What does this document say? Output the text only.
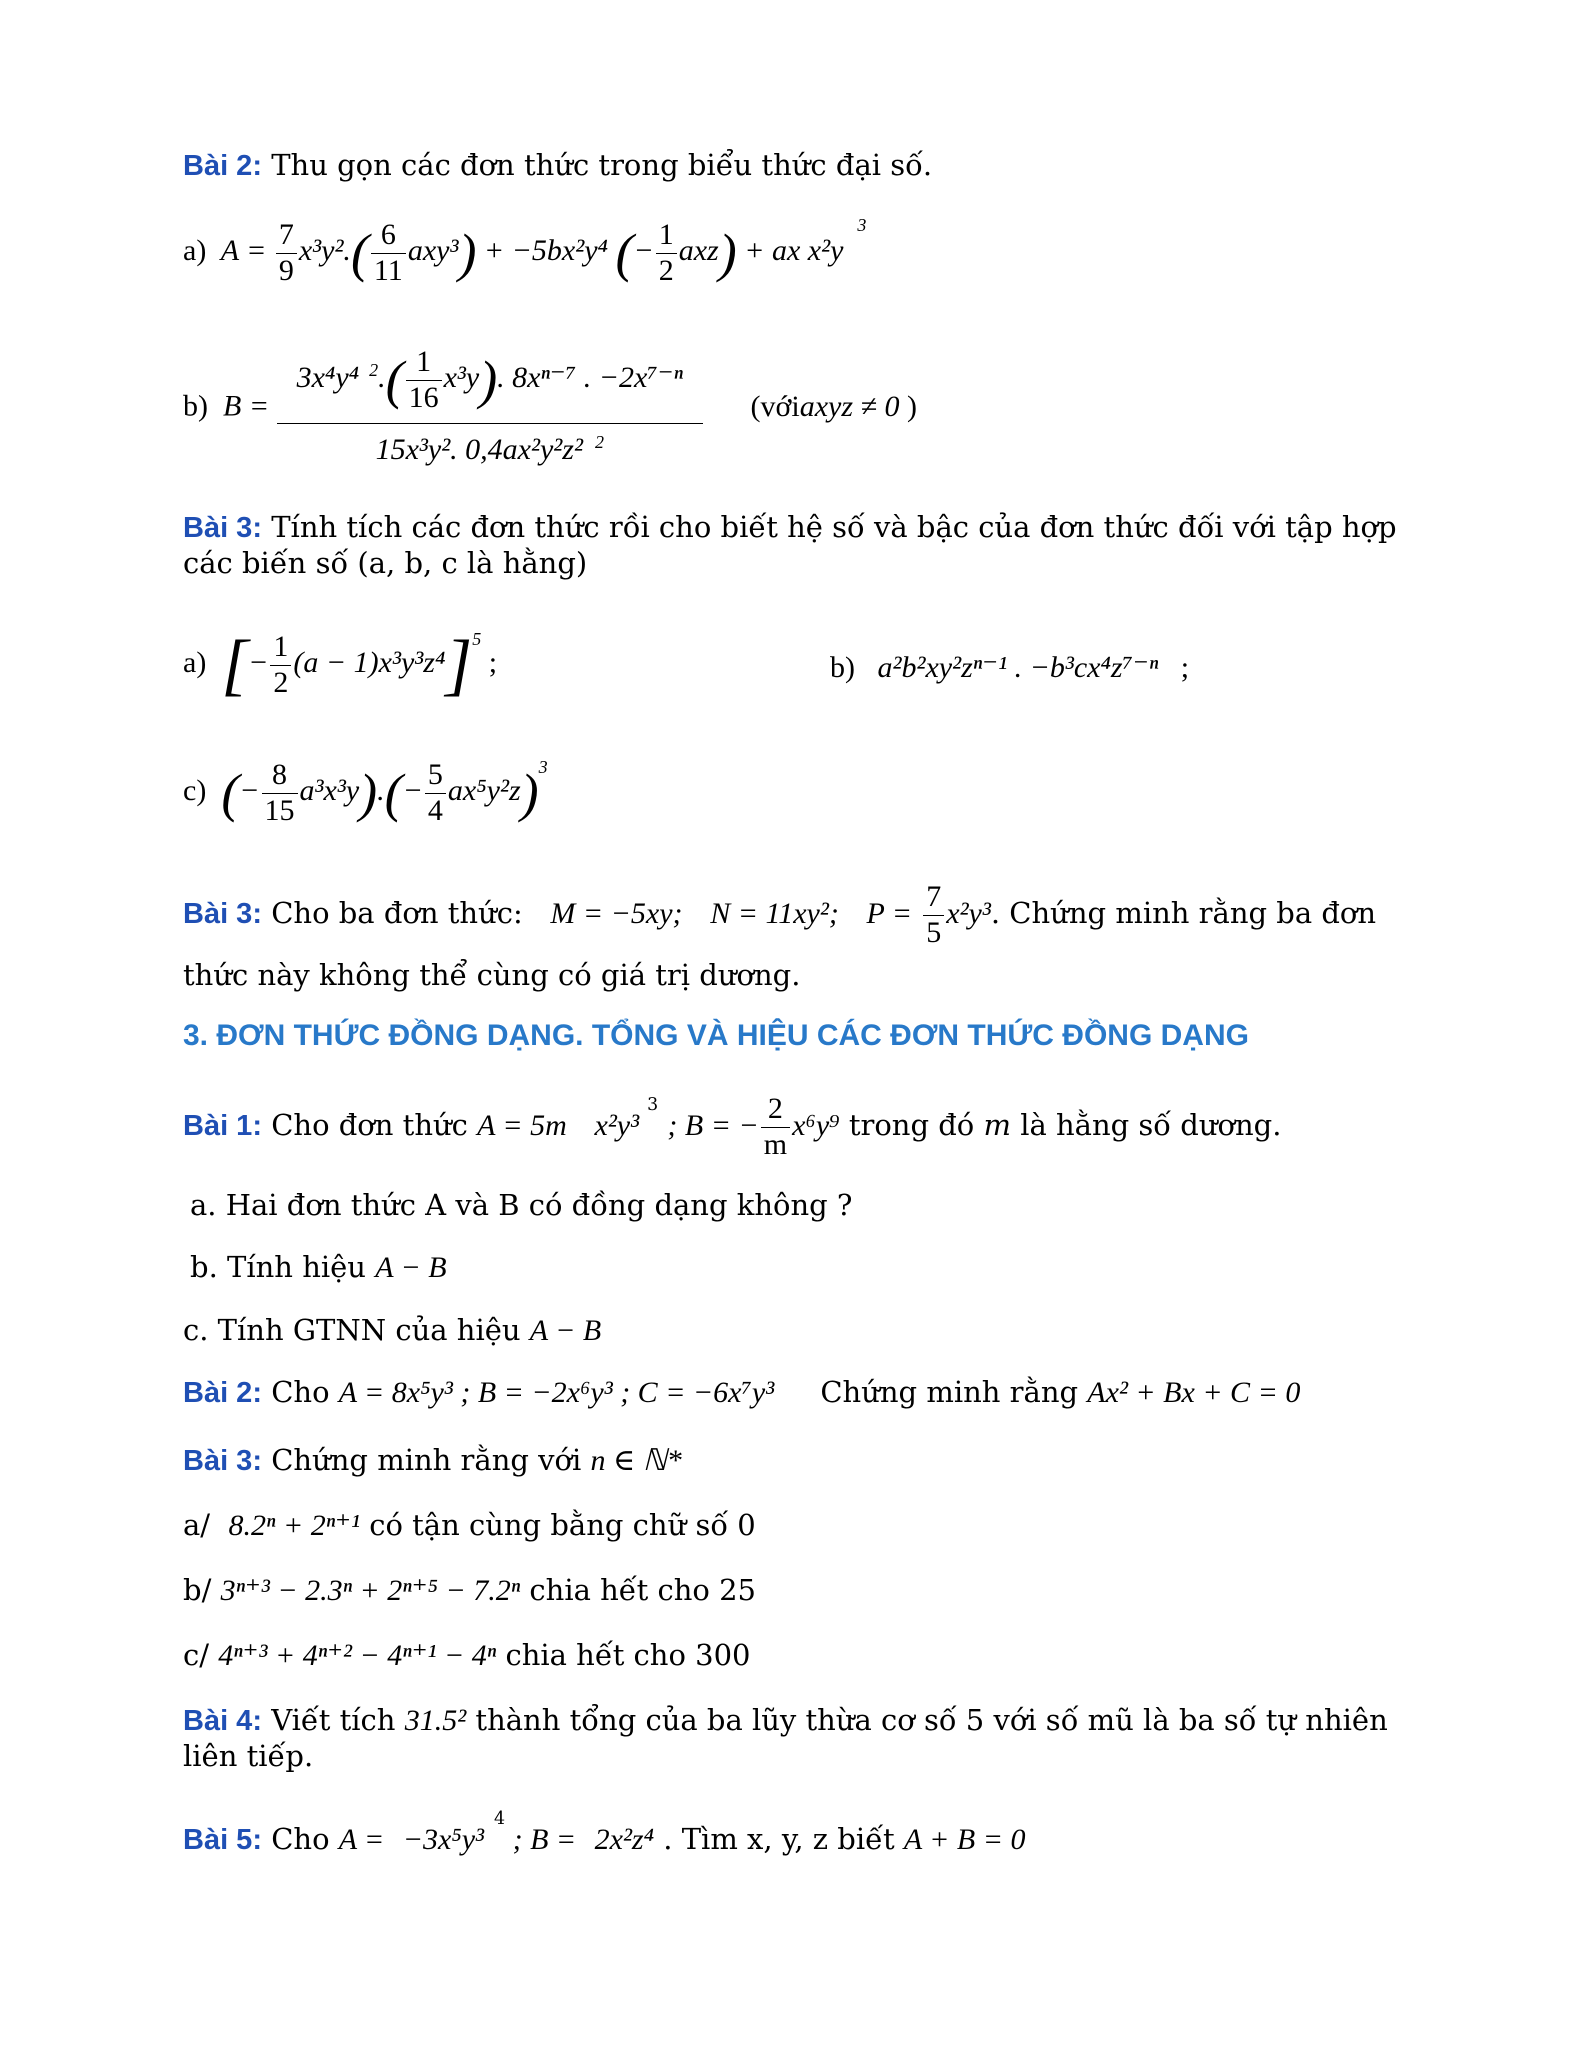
Bài 2: Thu gọn các đơn thức trong biểu thức đại số.
a) $A = \frac{7}{9} x^3y^2.( \frac{6}{11} axy^3) + -5bx^2y^4$ (− $\frac{1}{2} axz$) + ax $x^2y^3$
b) $B = \frac{3x^4y^4 ^2.( \frac{1}{16} x^3y). 8x^{n-7} . -2x^{7-n}}{15x^3y^2. 0,4ax^2y^2z^2 ^2}$ (vớiaxyz ≠ 0 )
Bài 3: Tính tích các đơn thức rồi cho biết hệ số và bậc của đơn thức đối với tập hợp các biến số (a, b, c là hằng)
a) [− $\frac{1}{2} (a - 1)x^3y^3z^4]^5$ ;	b) a²b²xy²zⁿ⁻¹ . −b³cx⁴z⁷⁻ⁿ ;
c) (− $\frac{8}{15} a^3x^3y).(- \frac{5}{4} ax^5y^2z)^3$
Bài 3: Cho ba đơn thức: M = −5xy; N = 11xy²; $P = \frac{7}{5} x^2y^3$. Chứng minh rằng ba đơn
thức này không thể cùng có giá trị dương.
3. ĐƠN THỨC ĐỒNG DẠNG. TỔNG VÀ HIỆU CÁC ĐƠN THỨC ĐỒNG DẠNG
Bài 1: Cho đơn thức A = 5m x²y³$^3$ ; B = − $\frac{2}{m} x^6y^9$ trong đó m là hằng số dương.
a. Hai đơn thức A và B có đồng dạng không ?
b. Tính hiệu A − B
c. Tính GTNN của hiệu A − B
Bài 2: Cho A = 8x⁵y³ ; B = −2x⁶y³ ; C = −6x⁷y³ Chứng minh rằng Ax² + Bx + C = 0
Bài 3: Chứng minh rằng với n ∈ ℕ*
a/ 8.2ⁿ + 2ⁿ⁺¹ có tận cùng bằng chữ số 0
b/ 3ⁿ⁺³ − 2.3ⁿ + 2ⁿ⁺⁵ − 7.2ⁿ chia hết cho 25
c/ 4ⁿ⁺³ + 4ⁿ⁺² − 4ⁿ⁺¹ − 4ⁿ chia hết cho 300
Bài 4: Viết tích 31.5² thành tổng của ba lũy thừa cơ số 5 với số mũ là ba số tự nhiên liên tiếp.
Bài 5: Cho A = −3x⁵y³$^4$ ; B = 2x²z⁴ . Tìm x, y, z biết A + B = 0
